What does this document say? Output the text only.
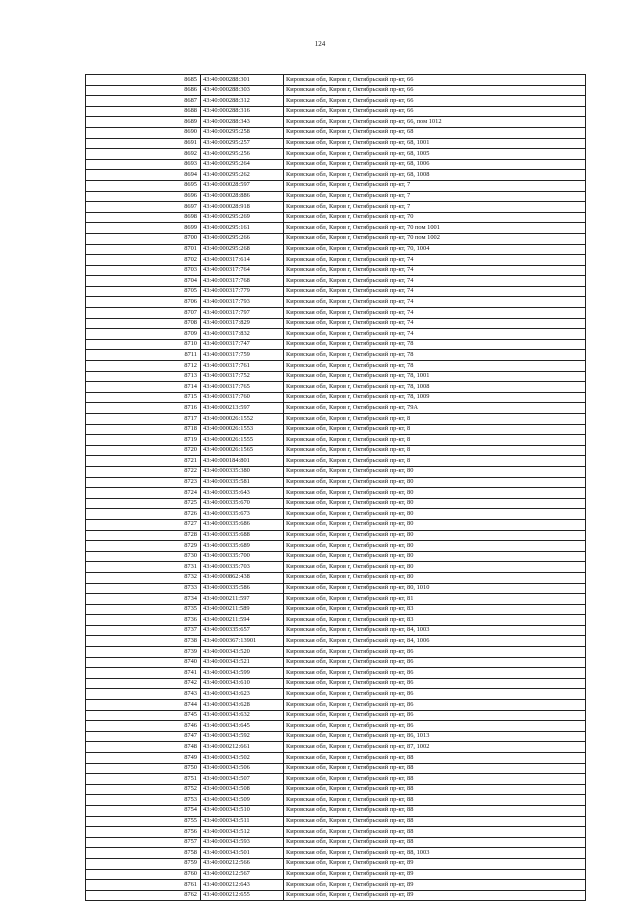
124
8685	43:40:000288:301	Кировская обл, Киров г, Октябрьский пр-кт, 66
8686	43:40:000288:303	Кировская обл, Киров г, Октябрьский пр-кт, 66
8687	43:40:000288:312	Кировская обл, Киров г, Октябрьский пр-кт, 66
8688	43:40:000288:316	Кировская обл, Киров г, Октябрьский пр-кт, 66
8689	43:40:000288:343	Кировская обл, Киров г, Октябрьский пр-кт, 66, пом 1012
8690	43:40:000295:258	Кировская обл, Киров г, Октябрьский пр-кт, 68
8691	43:40:000295:257	Кировская обл, Киров г, Октябрьский пр-кт, 68, 1001
8692	43:40:000295:256	Кировская обл, Киров г, Октябрьский пр-кт, 68, 1005
8693	43:40:000295:264	Кировская обл, Киров г, Октябрьский пр-кт, 68, 1006
8694	43:40:000295:262	Кировская обл, Киров г, Октябрьский пр-кт, 68, 1008
8695	43:40:000028:597	Кировская обл, Киров г, Октябрьский пр-кт, 7
8696	43:40:000028:886	Кировская обл, Киров г, Октябрьский пр-кт, 7
8697	43:40:000028:918	Кировская обл, Киров г, Октябрьский пр-кт, 7
8698	43:40:000295:269	Кировская обл, Киров г, Октябрьский пр-кт, 70
8699	43:40:000295:161	Кировская обл, Киров г, Октябрьский пр-кт, 70 пом 1001
8700	43:40:000295:266	Кировская обл, Киров г, Октябрьский пр-кт, 70 пом 1002
8701	43:40:000295:268	Кировская обл, Киров г, Октябрьский пр-кт, 70, 1004
8702	43:40:000317:614	Кировская обл, Киров г, Октябрьский пр-кт, 74
8703	43:40:000317:764	Кировская обл, Киров г, Октябрьский пр-кт, 74
8704	43:40:000317:768	Кировская обл, Киров г, Октябрьский пр-кт, 74
8705	43:40:000317:779	Кировская обл, Киров г, Октябрьский пр-кт, 74
8706	43:40:000317:793	Кировская обл, Киров г, Октябрьский пр-кт, 74
8707	43:40:000317:797	Кировская обл, Киров г, Октябрьский пр-кт, 74
8708	43:40:000317:829	Кировская обл, Киров г, Октябрьский пр-кт, 74
8709	43:40:000317:832	Кировская обл, Киров г, Октябрьский пр-кт, 74
8710	43:40:000317:747	Кировская обл, Киров г, Октябрьский пр-кт, 78
8711	43:40:000317:759	Кировская обл, Киров г, Октябрьский пр-кт, 78
8712	43:40:000317:761	Кировская обл, Киров г, Октябрьский пр-кт, 78
8713	43:40:000317:752	Кировская обл, Киров г, Октябрьский пр-кт, 78, 1001
8714	43:40:000317:765	Кировская обл, Киров г, Октябрьский пр-кт, 78, 1008
8715	43:40:000317:760	Кировская обл, Киров г, Октябрьский пр-кт, 78, 1009
8716	43:40:000213:597	Кировская обл, Киров г, Октябрьский пр-кт, 79А
8717	43:40:000026:1552	Кировская обл, Киров г, Октябрьский пр-кт, 8
8718	43:40:000026:1553	Кировская обл, Киров г, Октябрьский пр-кт, 8
8719	43:40:000026:1555	Кировская обл, Киров г, Октябрьский пр-кт, 8
8720	43:40:000026:1565	Кировская обл, Киров г, Октябрьский пр-кт, 8
8721	43:40:000184:801	Кировская обл, Киров г, Октябрьский пр-кт, 8
8722	43:40:000335:380	Кировская обл, Киров г, Октябрьский пр-кт, 80
8723	43:40:000335:581	Кировская обл, Киров г, Октябрьский пр-кт, 80
8724	43:40:000335:643	Кировская обл, Киров г, Октябрьский пр-кт, 80
8725	43:40:000335:670	Кировская обл, Киров г, Октябрьский пр-кт, 80
8726	43:40:000335:673	Кировская обл, Киров г, Октябрьский пр-кт, 80
8727	43:40:000335:686	Кировская обл, Киров г, Октябрьский пр-кт, 80
8728	43:40:000335:688	Кировская обл, Киров г, Октябрьский пр-кт, 80
8729	43:40:000335:689	Кировская обл, Киров г, Октябрьский пр-кт, 80
8730	43:40:000335:700	Кировская обл, Киров г, Октябрьский пр-кт, 80
8731	43:40:000335:703	Кировская обл, Киров г, Октябрьский пр-кт, 80
8732	43:40:000862:438	Кировская обл, Киров г, Октябрьский пр-кт, 80
8733	43:40:000335:586	Кировская обл, Киров г, Октябрьский пр-кт, 80, 1010
8734	43:40:000211:597	Кировская обл, Киров г, Октябрьский пр-кт, 81
8735	43:40:000211:589	Кировская обл, Киров г, Октябрьский пр-кт, 83
8736	43:40:000211:594	Кировская обл, Киров г, Октябрьский пр-кт, 83
8737	43:40:000335:657	Кировская обл, Киров г, Октябрьский пр-кт, 84, 1003
8738	43:40:000367:13901	Кировская обл, Киров г, Октябрьский пр-кт, 84, 1006
8739	43:40:000343:520	Кировская обл, Киров г, Октябрьский пр-кт, 86
8740	43:40:000343:521	Кировская обл, Киров г, Октябрьский пр-кт, 86
8741	43:40:000343:599	Кировская обл, Киров г, Октябрьский пр-кт, 86
8742	43:40:000343:610	Кировская обл, Киров г, Октябрьский пр-кт, 86
8743	43:40:000343:623	Кировская обл, Киров г, Октябрьский пр-кт, 86
8744	43:40:000343:628	Кировская обл, Киров г, Октябрьский пр-кт, 86
8745	43:40:000343:632	Кировская обл, Киров г, Октябрьский пр-кт, 86
8746	43:40:000343:645	Кировская обл, Киров г, Октябрьский пр-кт, 86
8747	43:40:000343:592	Кировская обл, Киров г, Октябрьский пр-кт, 86, 1013
8748	43:40:000212:661	Кировская обл, Киров г, Октябрьский пр-кт, 87, 1002
8749	43:40:000343:502	Кировская обл, Киров г, Октябрьский пр-кт, 88
8750	43:40:000343:506	Кировская обл, Киров г, Октябрьский пр-кт, 88
8751	43:40:000343:507	Кировская обл, Киров г, Октябрьский пр-кт, 88
8752	43:40:000343:508	Кировская обл, Киров г, Октябрьский пр-кт, 88
8753	43:40:000343:509	Кировская обл, Киров г, Октябрьский пр-кт, 88
8754	43:40:000343:510	Кировская обл, Киров г, Октябрьский пр-кт, 88
8755	43:40:000343:511	Кировская обл, Киров г, Октябрьский пр-кт, 88
8756	43:40:000343:512	Кировская обл, Киров г, Октябрьский пр-кт, 88
8757	43:40:000343:593	Кировская обл, Киров г, Октябрьский пр-кт, 88
8758	43:40:000343:501	Кировская обл, Киров г, Октябрьский пр-кт, 88, 1003
8759	43:40:000212:566	Кировская обл, Киров г, Октябрьский пр-кт, 89
8760	43:40:000212:567	Кировская обл, Киров г, Октябрьский пр-кт, 89
8761	43:40:000212:643	Кировская обл, Киров г, Октябрьский пр-кт, 89
8762	43:40:000212:655	Кировская обл, Киров г, Октябрьский пр-кт, 89
